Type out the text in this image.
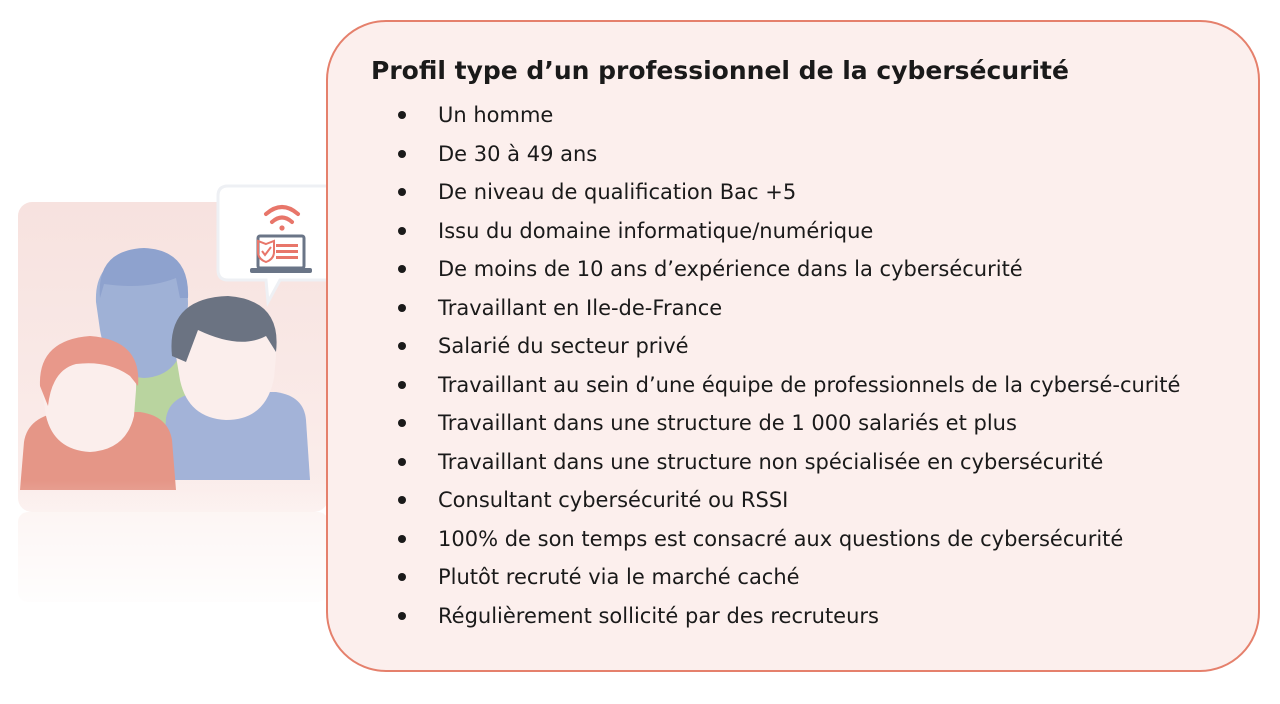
Profil type d’un professionnel de la cybersécurité
Un homme
De 30 à 49 ans
De niveau de qualification Bac +5
Issu du domaine informatique/numérique
De moins de 10 ans d’expérience dans la cybersécurité
Travaillant en Ile-de-France
Salarié du secteur privé
Travaillant au sein d’une équipe de professionnels de la cybersé-curité
Travaillant dans une structure de 1 000 salariés et plus
Travaillant dans une structure non spécialisée en cybersécurité
Consultant cybersécurité ou RSSI
100% de son temps est consacré aux questions de cybersécurité
Plutôt recruté via le marché caché
Régulièrement sollicité par des recruteurs
